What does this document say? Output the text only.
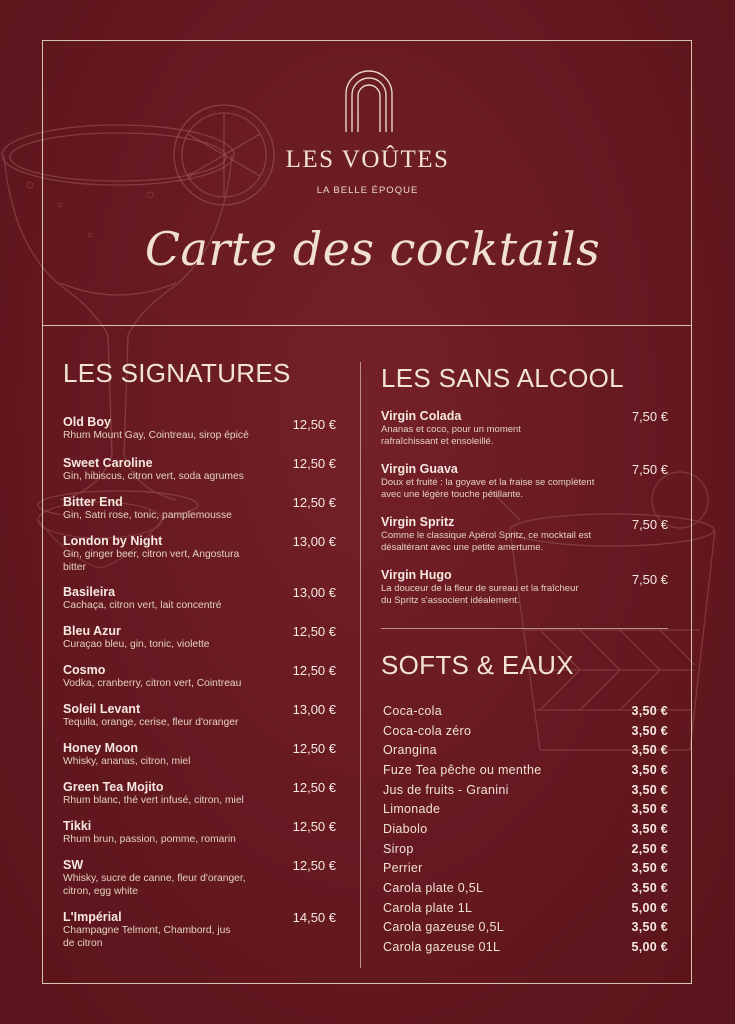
LES VOÛTES
LA BELLE ÉPOQUE
Carte des cocktails
LES SIGNATURES
Old Boy
Rhum Mount Gay, Cointreau, sirop épicé
12,50 €
Sweet Caroline
Gin, hibiscus, citron vert, soda agrumes
12,50 €
Bitter End
Gin, Satri rose, tonic, pamplemousse
12,50 €
London by Night
Gin, ginger beer, citron vert, Angostura bitter
13,00 €
Basileira
Cachaça, citron vert, lait concentré
13,00 €
Bleu Azur
Curaçao bleu, gin, tonic, violette
12,50 €
Cosmo
Vodka, cranberry, citron vert, Cointreau
12,50 €
Soleil Levant
Tequila, orange, cerise, fleur d'oranger
13,00 €
Honey Moon
Whisky, ananas, citron, miel
12,50 €
Green Tea Mojito
Rhum blanc, thé vert infusé, citron, miel
12,50 €
Tikki
Rhum brun, passion, pomme, romarin
12,50 €
SW
Whisky, sucre de canne, fleur d'oranger, citron, egg white
12,50 €
L'Impérial
Champagne Telmont, Chambord, jus de citron
14,50 €
LES SANS ALCOOL
Virgin Colada
Ananas et coco, pour un moment rafraîchissant et ensoleillé.
7,50 €
Virgin Guava
Doux et fruité : la goyave et la fraise se complètent avec une légère touche pétillante.
7,50 €
Virgin Spritz
Comme le classique Apérol Spritz, ce mocktail est désaltérant avec une petite amertume.
7,50 €
Virgin Hugo
La douceur de la fleur de sureau et la fraîcheur du Spritz s'associent idéalement.
7,50 €
SOFTS & EAUX
Coca-cola	3,50 €
Coca-cola zéro	3,50 €
Orangina	3,50 €
Fuze Tea pêche ou menthe	3,50 €
Jus de fruits - Granini	3,50 €
Limonade	3,50 €
Diabolo	3,50 €
Sirop	2,50 €
Perrier	3,50 €
Carola plate 0,5L	3,50 €
Carola plate 1L	5,00 €
Carola gazeuse 0,5L	3,50 €
Carola gazeuse 01L	5,00 €
